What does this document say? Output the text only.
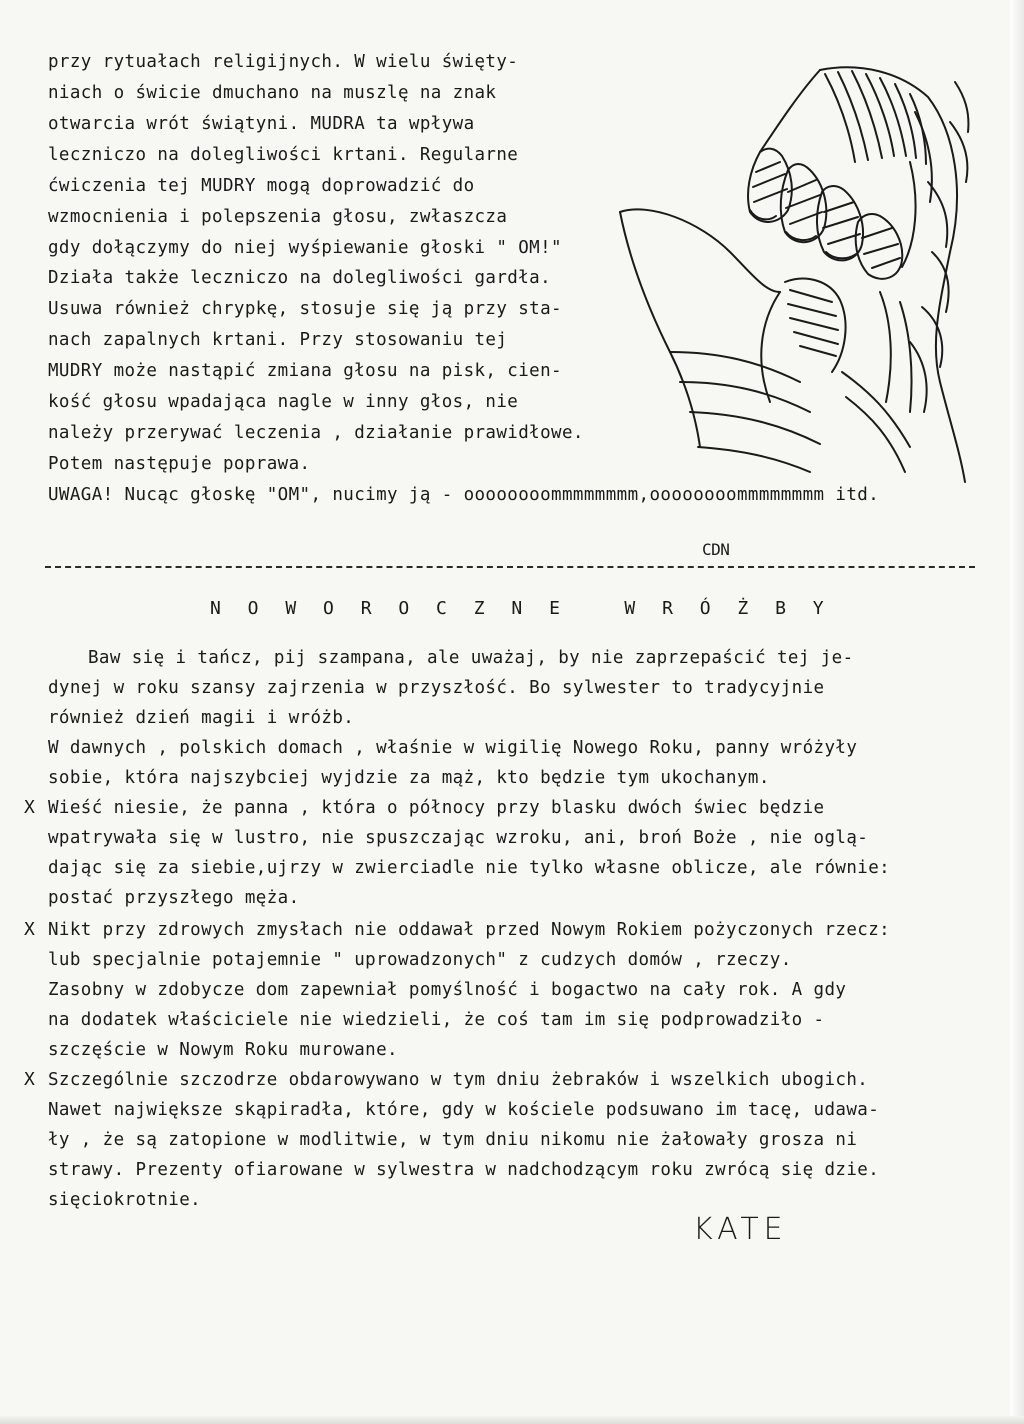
przy rytuałach religijnych. W wielu święty-
niach o świcie dmuchano na muszlę na znak
otwarcia wrót świątyni. MUDRA ta wpływa
leczniczo na dolegliwości krtani. Regularne
ćwiczenia tej MUDRY mogą doprowadzić do
wzmocnienia i polepszenia głosu, zwłaszcza
gdy dołączymy do niej wyśpiewanie głoski " OM!"
Działa także leczniczo na dolegliwości gardła.
Usuwa również chrypkę, stosuje się ją przy sta-
nach zapalnych krtani. Przy stosowaniu tej
MUDRY może nastąpić zmiana głosu na pisk, cien-
kość głosu wpadająca nagle w inny głos, nie
należy przerywać leczenia , działanie prawidłowe.
Potem następuje poprawa.
UWAGA! Nucąc głoskę "OM", nucimy ją - oooooooommmmmmmm,oooooooommmmmmmm itd.
CDN
N O W O R O C Z N E   W R Ó Ż B Y
Baw się i tańcz, pij szampana, ale uważaj, by nie zaprzepaścić tej je-
dynej w roku szansy zajrzenia w przyszłość. Bo sylwester to tradycyjnie
również dzień magii i wróżb.
W dawnych , polskich domach , właśnie w wigilię Nowego Roku, panny wróżyły
sobie, która najszybciej wyjdzie za mąż, kto będzie tym ukochanym.
X Wieść niesie, że panna , która o północy przy blasku dwóch świec będzie
wpatrywała się w lustro, nie spuszczając wzroku, ani, broń Boże , nie oglą-
dając się za siebie,ujrzy w zwierciadle nie tylko własne oblicze, ale równie:
postać przyszłego męża.
X Nikt przy zdrowych zmysłach nie oddawał przed Nowym Rokiem pożyczonych rzecz:
lub specjalnie potajemnie " uprowadzonych" z cudzych domów , rzeczy.
Zasobny w zdobycze dom zapewniał pomyślność i bogactwo na cały rok. A gdy
na dodatek właściciele nie wiedzieli, że coś tam im się podprowadziło -
szczęście w Nowym Roku murowane.
X Szczególnie szczodrze obdarowywano w tym dniu żebraków i wszelkich ubogich.
Nawet największe skąpiradła, które, gdy w kościele podsuwano im tacę, udawa-
ły , że są zatopione w modlitwie, w tym dniu nikomu nie żałowały grosza ni
strawy. Prezenty ofiarowane w sylwestra w nadchodzącym roku zwrócą się dzie.
sięciokrotnie.
KATE
